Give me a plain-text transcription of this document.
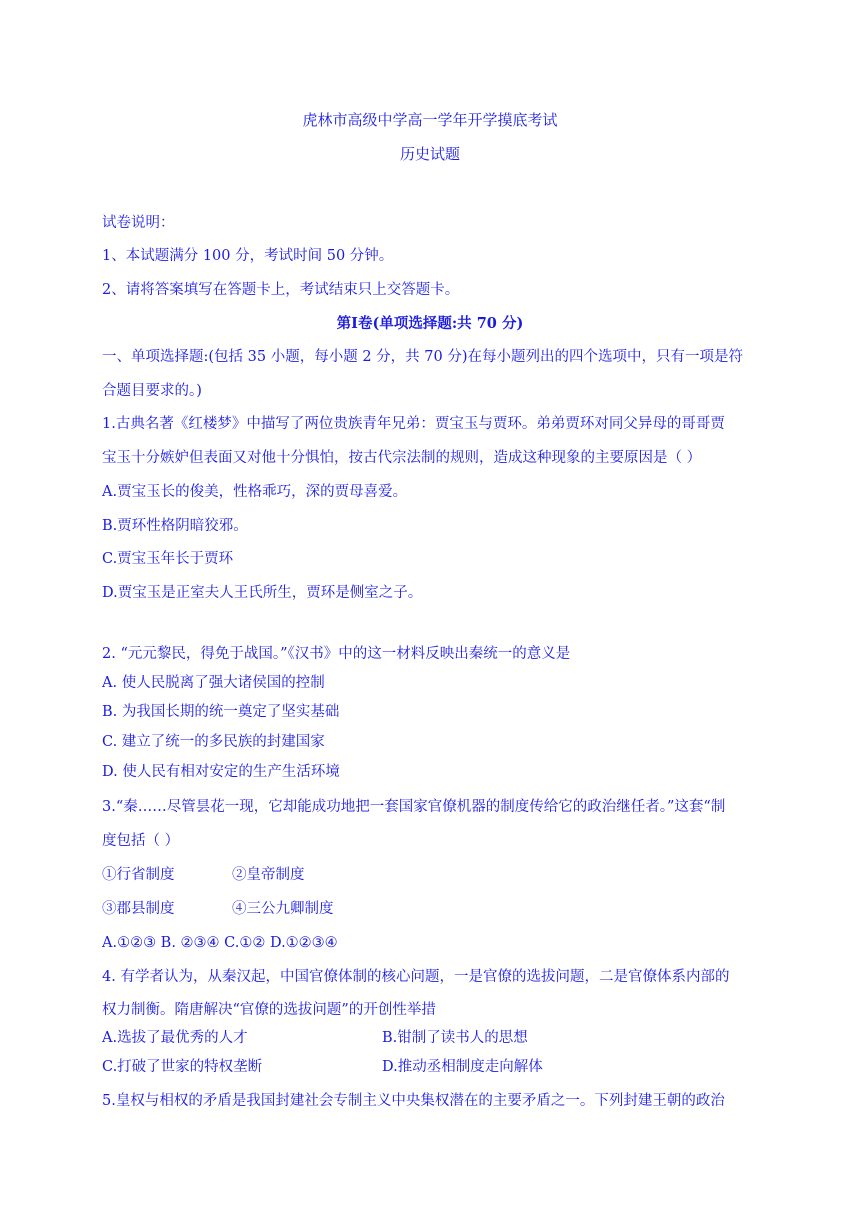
虎林市高级中学高一学年开学摸底考试
历史试题
试卷说明：
1、本试题满分 100 分，考试时间 50 分钟。
2、请将答案填写在答题卡上，考试结束只上交答题卡。
第Ⅰ卷(单项选择题:共 70 分)
一、单项选择题:(包括 35 小题，每小题 2 分，共 70 分)在每小题列出的四个选项中，只有一项是符
合题目要求的。)
1.古典名著《红楼梦》中描写了两位贵族青年兄弟：贾宝玉与贾环。弟弟贾环对同父异母的哥哥贾
宝玉十分嫉妒但表面又对他十分惧怕，按古代宗法制的规则，造成这种现象的主要原因是（ ）
A.贾宝玉长的俊美，性格乖巧，深的贾母喜爱。
B.贾环性格阴暗狡邪。
C.贾宝玉年长于贾环
D.贾宝玉是正室夫人王氏所生，贾环是侧室之子。
2. “元元黎民，得免于战国。”《汉书》中的这一材料反映出秦统一的意义是
A. 使人民脱离了强大诸侯国的控制
B. 为我国长期的统一奠定了坚实基础
C. 建立了统一的多民族的封建国家
D. 使人民有相对安定的生产生活环境
3.“秦……尽管昙花一现，它却能成功地把一套国家官僚机器的制度传给它的政治继任者。”这套“制
度包括（ ）
①行省制度	②皇帝制度
③郡县制度	④三公九卿制度
A.①②③ B. ②③④ C.①② D.①②③④
4. 有学者认为，从秦汉起，中国官僚体制的核心问题，一是官僚的选拔问题，二是官僚体系内部的
权力制衡。隋唐解决“官僚的选拔问题”的开创性举措
A.选拔了最优秀的人才	B.钳制了读书人的思想
C.打破了世家的特权垄断	D.推动丞相制度走向解体
5.皇权与相权的矛盾是我国封建社会专制主义中央集权潜在的主要矛盾之一。下列封建王朝的政治
